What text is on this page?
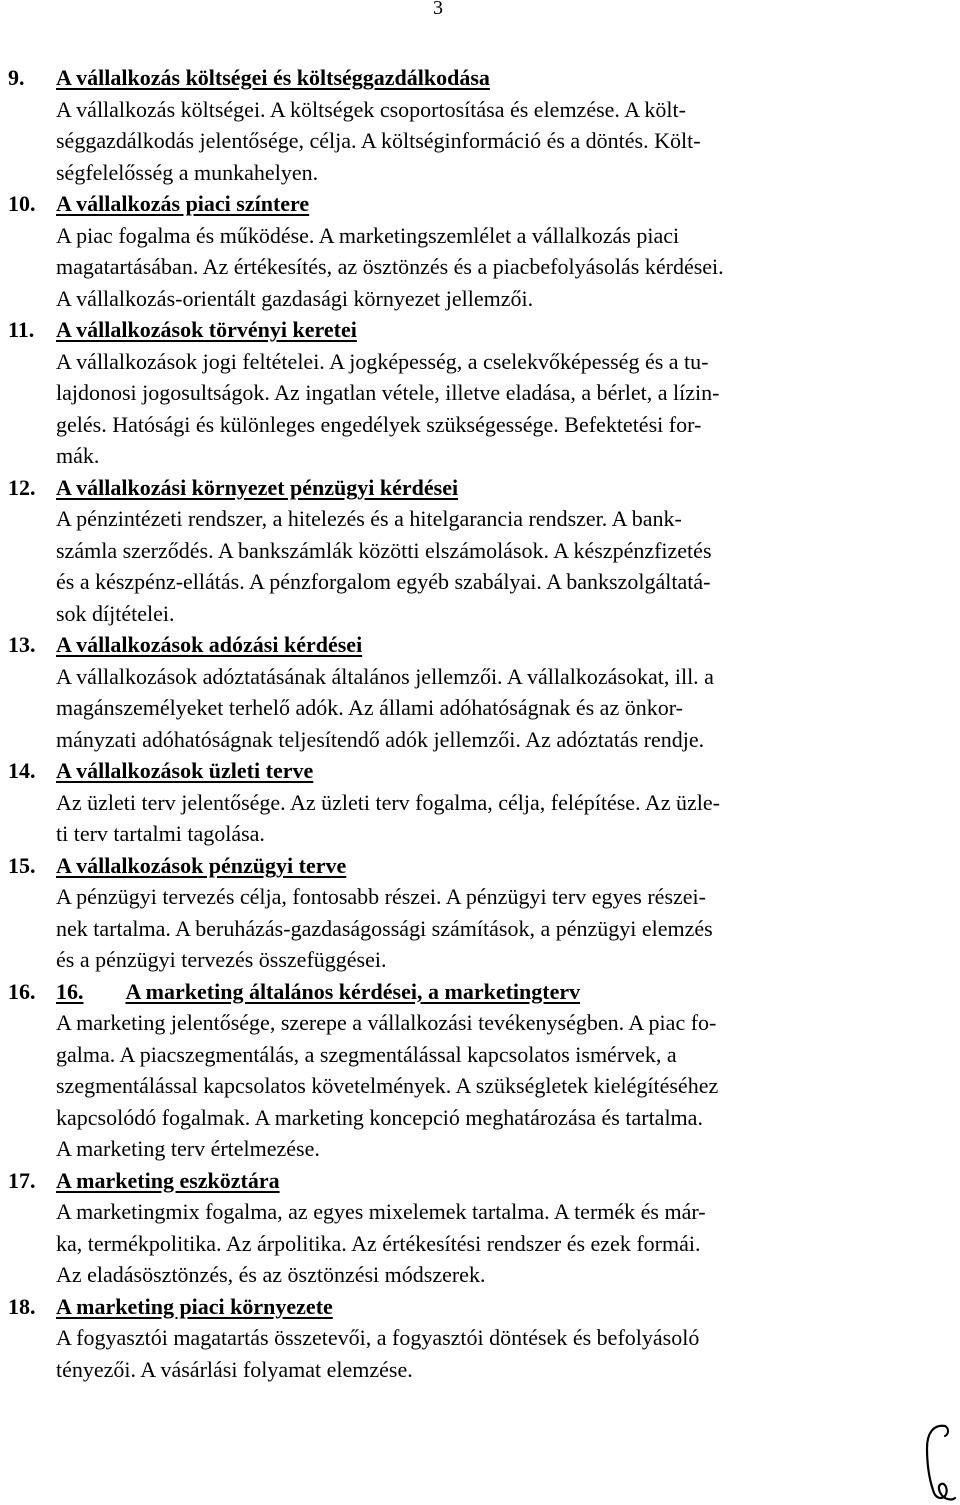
3
9.	A vállalkozás költségei és költséggazdálkodása
A vállalkozás költségei. A költségek csoportosítása és elemzése. A költ-
séggazdálkodás jelentősége, célja. A költséginformáció és a döntés. Költ-
ségfelelősség a munkahelyen.
10. A vállalkozás piaci színtere
A piac fogalma és működése. A marketingszemlélet a vállalkozás piaci
magatartásában. Az értékesítés, az ösztönzés és a piacbefolyásolás kérdései.
A vállalkozás-orientált gazdasági környezet jellemzői.
11. A vállalkozások törvényi keretei
A vállalkozások jogi feltételei. A jogképesség, a cselekvőképesség és a tu-
lajdonosi jogosultságok. Az ingatlan vétele, illetve eladása, a bérlet, a lízin-
gelés. Hatósági és különleges engedélyek szükségessége. Befektetési for-
mák.
12. A vállalkozási környezet pénzügyi kérdései
A pénzintézeti rendszer, a hitelezés és a hitelgarancia rendszer. A bank-
számla szerződés. A bankszámlák közötti elszámolások. A készpénzfizetés
és a készpénz-ellátás. A pénzforgalom egyéb szabályai. A bankszolgáltatá-
sok díjtételei.
13. A vállalkozások adózási kérdései
A vállalkozások adóztatásának általános jellemzői. A vállalkozásokat, ill. a
magánszemélyeket terhelő adók. Az állami adóhatóságnak és az önkor-
mányzati adóhatóságnak teljesítendő adók jellemzői. Az adóztatás rendje.
14. A vállalkozások üzleti terve
Az üzleti terv jelentősége. Az üzleti terv fogalma, célja, felépítése. Az üzle-
ti terv tartalmi tagolása.
15. A vállalkozások pénzügyi terve
A pénzügyi tervezés célja, fontosabb részei. A pénzügyi terv egyes részei-
nek tartalma. A beruházás-gazdaságossági számítások, a pénzügyi elemzés
és a pénzügyi tervezés összefüggései.
16. 16. A marketing általános kérdései, a marketingterv
A marketing jelentősége, szerepe a vállalkozási tevékenységben. A piac fo-
galma. A piacszegmentálás, a szegmentálással kapcsolatos ismérvek, a
szegmentálással kapcsolatos követelmények. A szükségletek kielégítéséhez
kapcsolódó fogalmak. A marketing koncepció meghatározása és tartalma.
A marketing terv értelmezése.
17. A marketing eszköztára
A marketingmix fogalma, az egyes mixelemek tartalma. A termék és már-
ka, termékpolitika. Az árpolitika. Az értékesítési rendszer és ezek formái.
Az eladásösztönzés, és az ösztönzési módszerek.
18. A marketing piaci környezete
A fogyasztói magatartás összetevői, a fogyasztói döntések és befolyásoló
tényezői. A vásárlási folyamat elemzése.
